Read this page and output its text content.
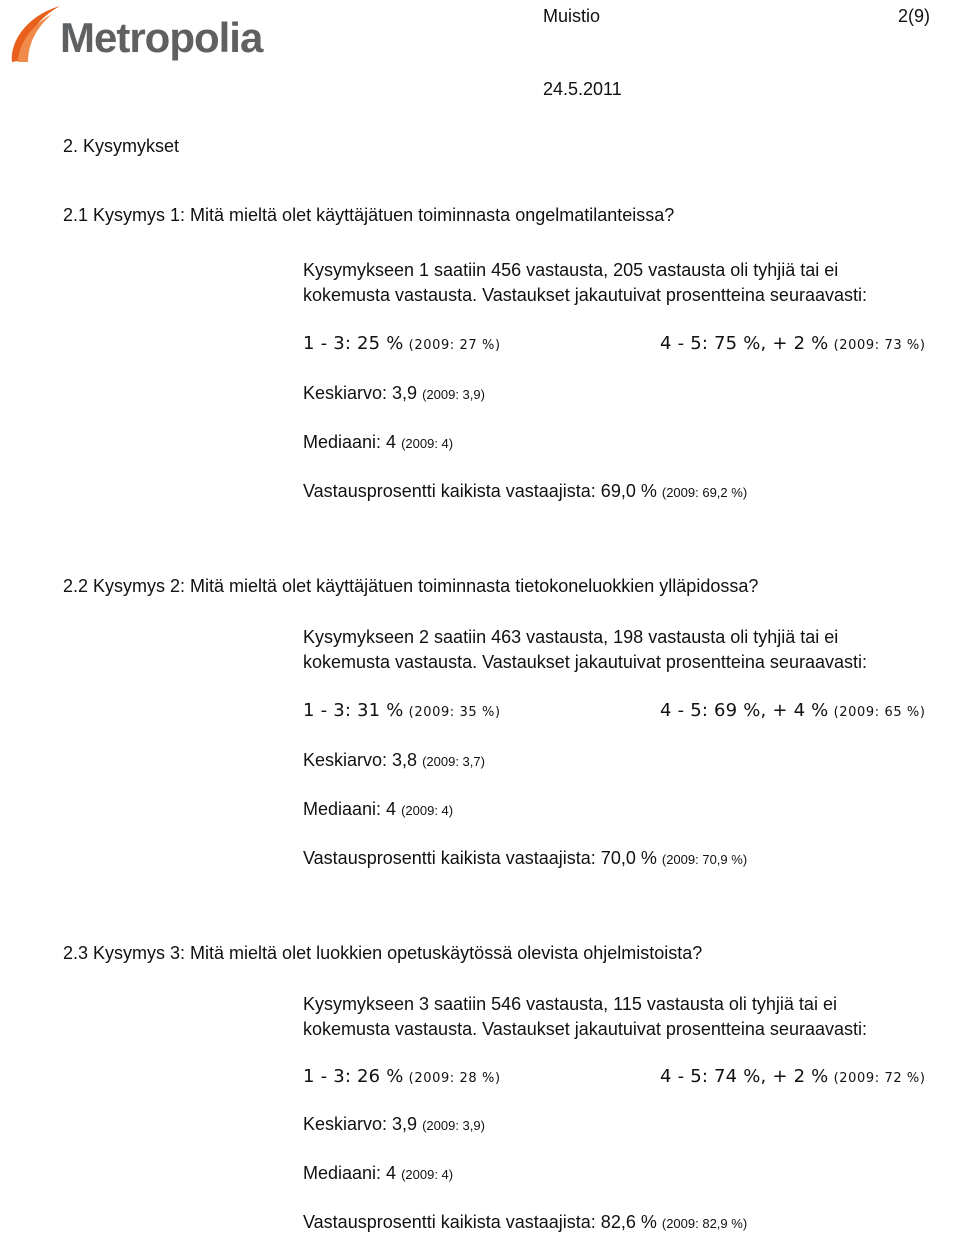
Metropolia	Muistio	2(9)
24.5.2011
2. Kysymykset
2.1 Kysymys 1: Mitä mieltä olet käyttäjätuen toiminnasta ongelmatilanteissa?
Kysymykseen 1 saatiin 456 vastausta, 205 vastausta oli tyhjiä tai ei
kokemusta vastausta. Vastaukset jakautuivat prosentteina seuraavasti:
1 - 3: 25 % (2009: 27 %)	4 - 5: 75 %, + 2 % (2009: 73 %)
Keskiarvo: 3,9 (2009: 3,9)
Mediaani: 4 (2009: 4)
Vastausprosentti kaikista vastaajista: 69,0 % (2009: 69,2 %)
2.2 Kysymys 2: Mitä mieltä olet käyttäjätuen toiminnasta tietokoneluokkien ylläpidossa?
Kysymykseen 2 saatiin 463 vastausta, 198 vastausta oli tyhjiä tai ei
kokemusta vastausta. Vastaukset jakautuivat prosentteina seuraavasti:
1 - 3: 31 % (2009: 35 %)	4 - 5: 69 %, + 4 % (2009: 65 %)
Keskiarvo: 3,8 (2009: 3,7)
Mediaani: 4 (2009: 4)
Vastausprosentti kaikista vastaajista: 70,0 % (2009: 70,9 %)
2.3 Kysymys 3: Mitä mieltä olet luokkien opetuskäytössä olevista ohjelmistoista?
Kysymykseen 3 saatiin 546 vastausta, 115 vastausta oli tyhjiä tai ei
kokemusta vastausta. Vastaukset jakautuivat prosentteina seuraavasti:
1 - 3: 26 % (2009: 28 %)	4 - 5: 74 %, + 2 % (2009: 72 %)
Keskiarvo: 3,9 (2009: 3,9)
Mediaani: 4 (2009: 4)
Vastausprosentti kaikista vastaajista: 82,6 % (2009: 82,9 %)
